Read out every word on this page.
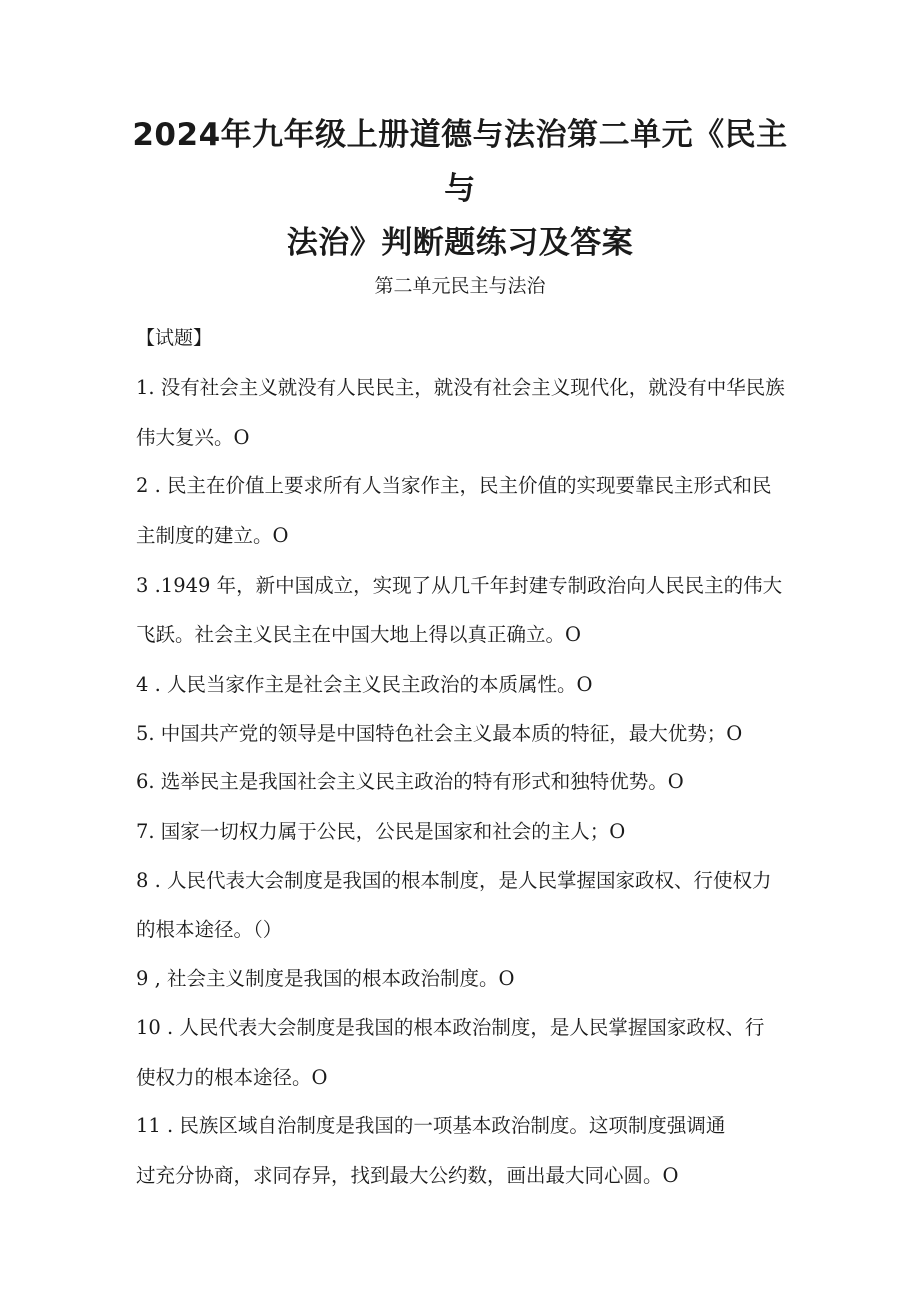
2024年九年级上册道德与法治第二单元《民主与
法治》判断题练习及答案
第二单元民主与法治
【试题】
1. 没有社会主义就没有人民民主，就没有社会主义现代化，就没有中华民族
伟大复兴。O
2 . 民主在价值上要求所有人当家作主，民主价值的实现要靠民主形式和民
主制度的建立。O
3 .1949 年，新中国成立，实现了从几千年封建专制政治向人民民主的伟大
飞跃。社会主义民主在中国大地上得以真正确立。O
4 . 人民当家作主是社会主义民主政治的本质属性。O
5. 中国共产党的领导是中国特色社会主义最本质的特征，最大优势；O
6. 选举民主是我国社会主义民主政治的特有形式和独特优势。O
7. 国家一切权力属于公民，公民是国家和社会的主人；O
8 . 人民代表大会制度是我国的根本制度，是人民掌握国家政权、行使权力
的根本途径。（）
9 , 社会主义制度是我国的根本政治制度。O
10 . 人民代表大会制度是我国的根本政治制度，是人民掌握国家政权、行
使权力的根本途径。O
11 . 民族区域自治制度是我国的一项基本政治制度。这项制度强调通
过充分协商，求同存异，找到最大公约数，画出最大同心圆。O
